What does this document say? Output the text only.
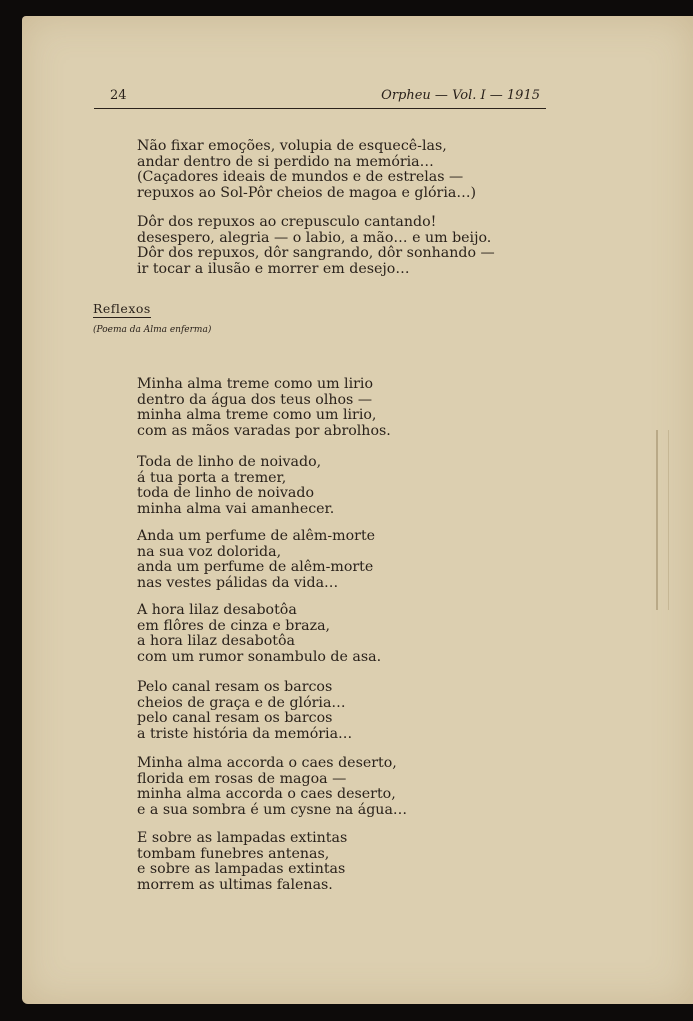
24	Orpheu — Vol. I — 1915
Não fixar emoções, volupia de esquecê-las,
andar dentro de si perdido na memória…
(Caçadores ideais de mundos e de estrelas —
repuxos ao Sol-Pôr cheios de magoa e glória…)
Dôr dos repuxos ao crepusculo cantando!
desespero, alegria — o labio, a mão… e um beijo.
Dôr dos repuxos, dôr sangrando, dôr sonhando —
ir tocar a ilusão e morrer em desejo…
Reflexos
(Poema da Alma enferma)
Minha alma treme como um lirio
dentro da água dos teus olhos —
minha alma treme como um lirio,
com as mãos varadas por abrolhos.
Toda de linho de noivado,
á tua porta a tremer,
toda de linho de noivado
minha alma vai amanhecer.
Anda um perfume de alêm-morte
na sua voz dolorida,
anda um perfume de alêm-morte
nas vestes pálidas da vida…
A hora lilaz desabotôa
em flôres de cinza e braza,
a hora lilaz desabotôa
com um rumor sonambulo de asa.
Pelo canal resam os barcos
cheios de graça e de glória…
pelo canal resam os barcos
a triste história da memória…
Minha alma accorda o caes deserto,
florida em rosas de magoa —
minha alma accorda o caes deserto,
e a sua sombra é um cysne na água…
E sobre as lampadas extintas
tombam funebres antenas,
e sobre as lampadas extintas
morrem as ultimas falenas.
